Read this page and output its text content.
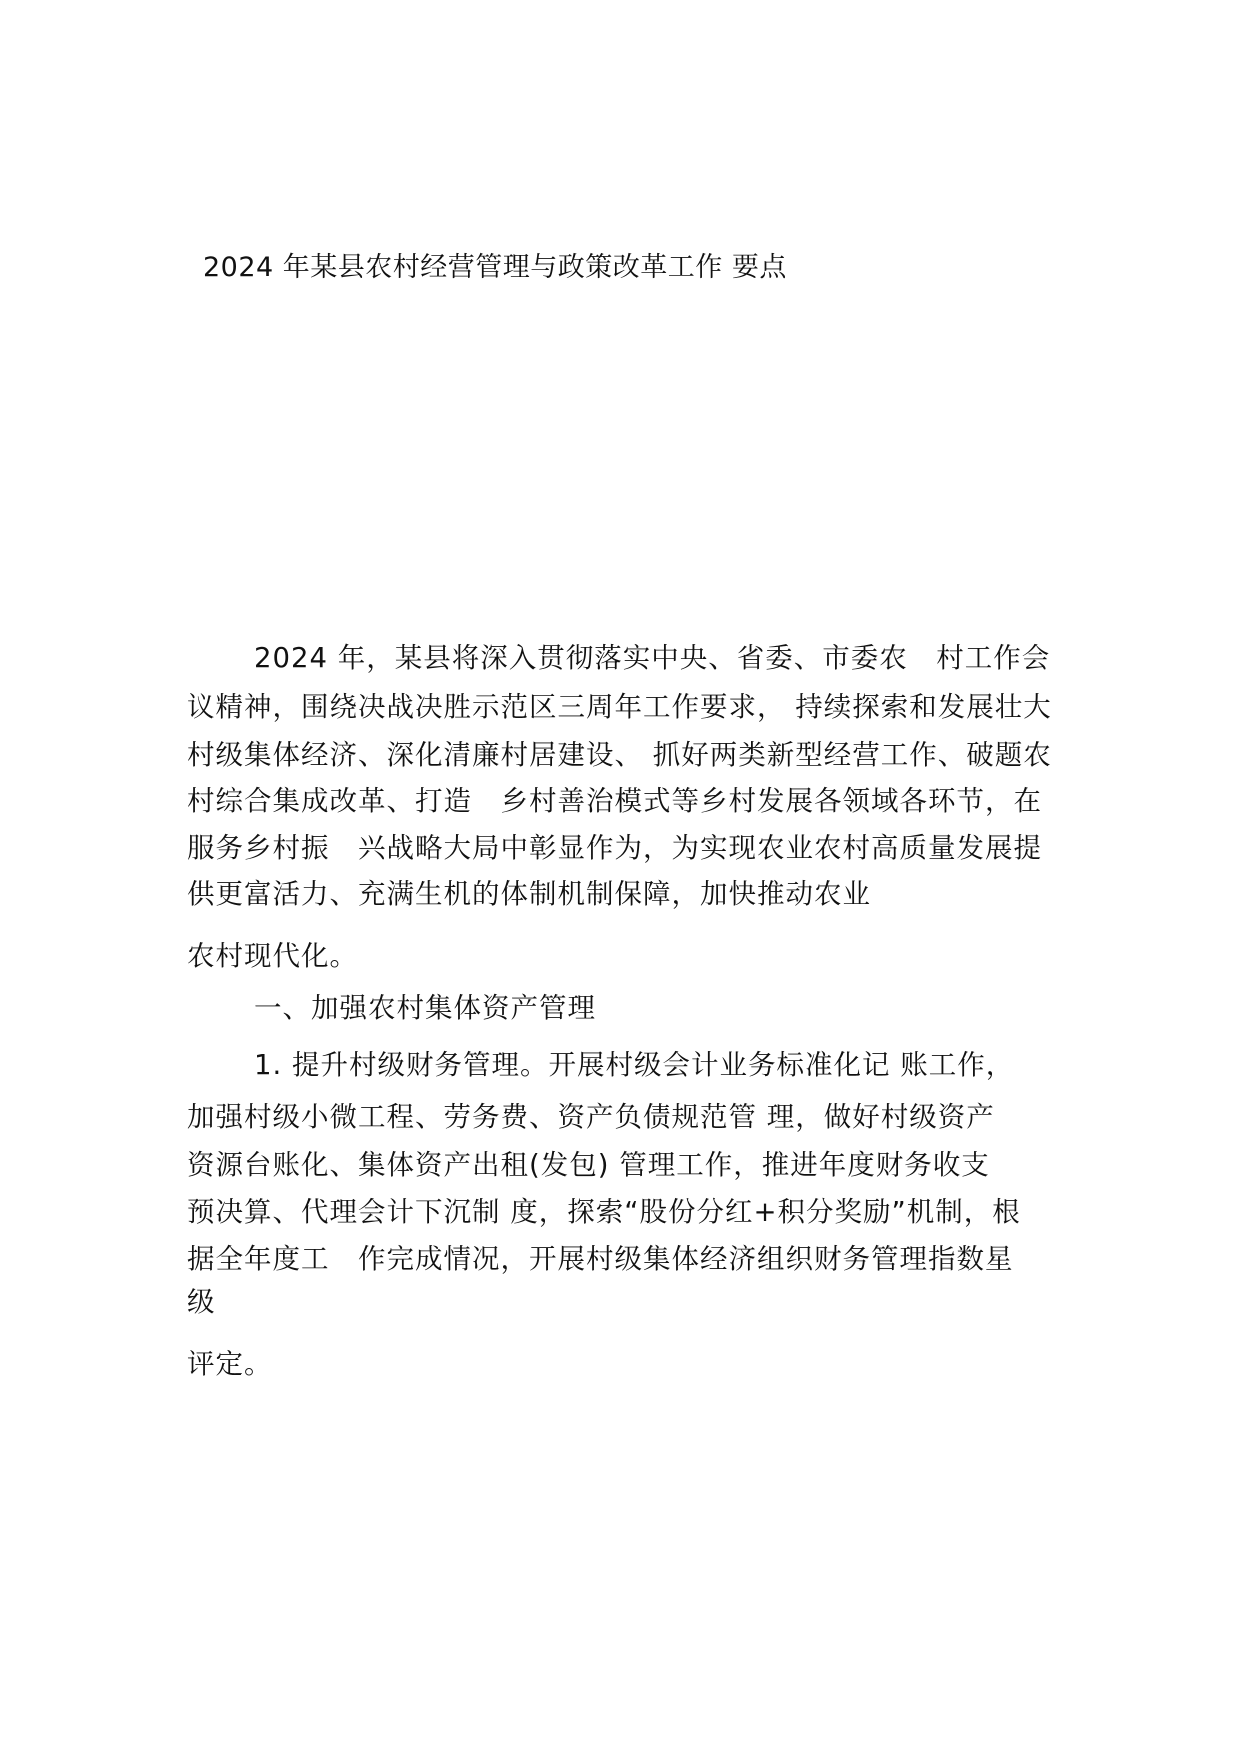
2024 年某县农村经营管理与政策改革工作 要点
2024 年，某县将深入贯彻落实中央、省委、市委农　村工作会
议精神，围绕决战决胜示范区三周年工作要求， 持续探索和发展壮大
村级集体经济、深化清廉村居建设、 抓好两类新型经营工作、破题农
村综合集成改革、打造　乡村善治模式等乡村发展各领域各环节，在
服务乡村振　兴战略大局中彰显作为，为实现农业农村高质量发展提
供更富活力、充满生机的体制机制保障，加快推动农业
农村现代化。
一、加强农村集体资产管理
1. 提升村级财务管理。开展村级会计业务标准化记 账工作，
加强村级小微工程、劳务费、资产负债规范管 理，做好村级资产
资源台账化、集体资产出租(发包) 管理工作，推进年度财务收支
预决算、代理会计下沉制 度，探索“股份分红+积分奖励”机制，根
据全年度工　作完成情况，开展村级集体经济组织财务管理指数星
级
评定。
